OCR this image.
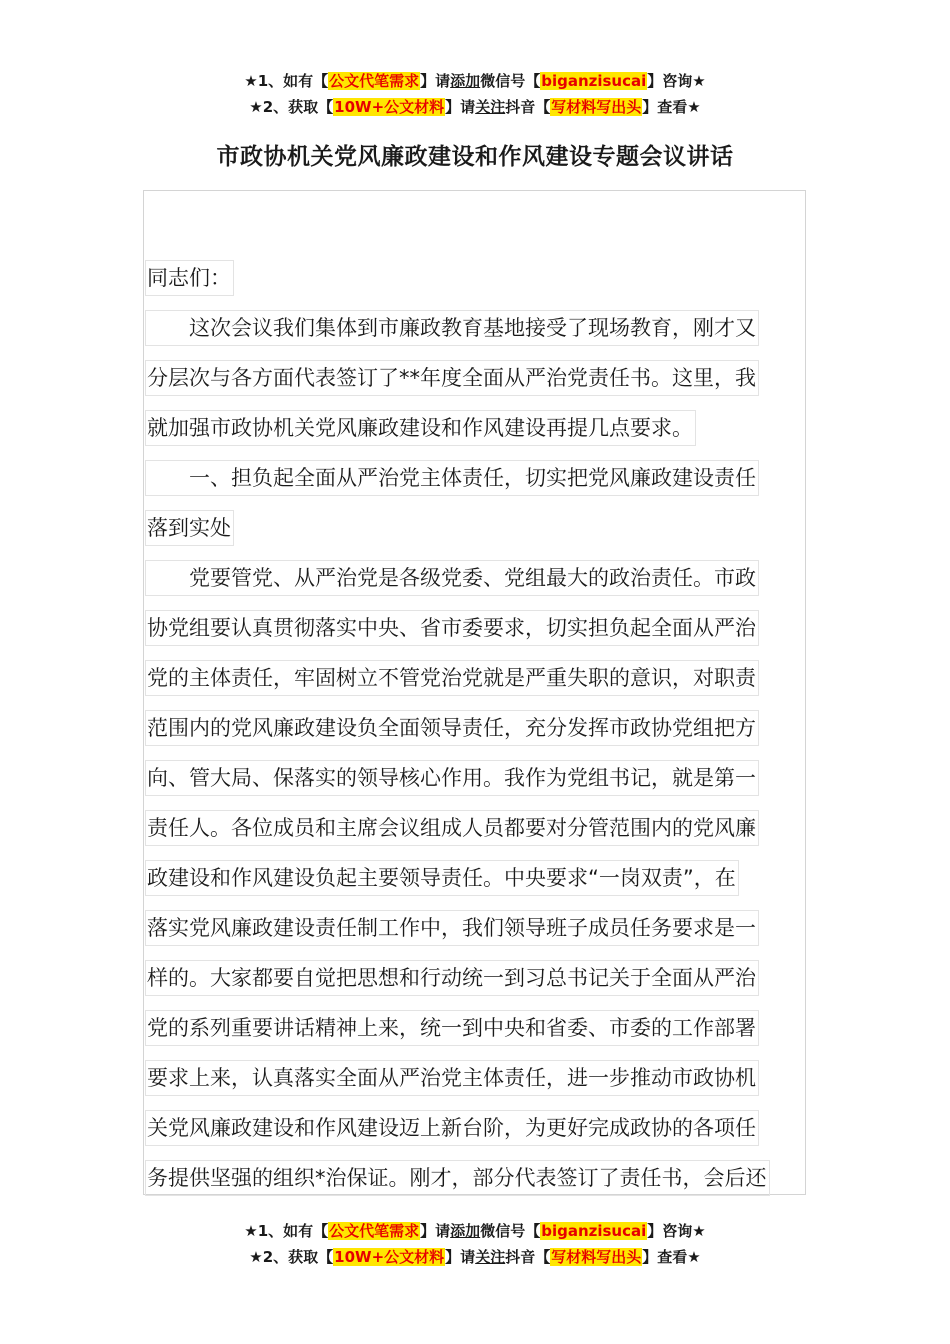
★1、如有【公文代笔需求】请添加微信号【biganzisucai】咨询★
★2、获取【10W+公文材料】请关注抖音【写材料写出头】查看★
市政协机关党风廉政建设和作风建设专题会议讲话
同志们：
　　这次会议我们集体到市廉政教育基地接受了现场教育，刚才又
分层次与各方面代表签订了**年度全面从严治党责任书。这里，我
就加强市政协机关党风廉政建设和作风建设再提几点要求。
　　一、担负起全面从严治党主体责任，切实把党风廉政建设责任
落到实处
　　党要管党、从严治党是各级党委、党组最大的政治责任。市政
协党组要认真贯彻落实中央、省市委要求，切实担负起全面从严治
党的主体责任，牢固树立不管党治党就是严重失职的意识，对职责
范围内的党风廉政建设负全面领导责任，充分发挥市政协党组把方
向、管大局、保落实的领导核心作用。我作为党组书记，就是第一
责任人。各位成员和主席会议组成人员都要对分管范围内的党风廉
政建设和作风建设负起主要领导责任。中央要求“一岗双责”，在
落实党风廉政建设责任制工作中，我们领导班子成员任务要求是一
样的。大家都要自觉把思想和行动统一到习总书记关于全面从严治
党的系列重要讲话精神上来，统一到中央和省委、市委的工作部署
要求上来，认真落实全面从严治党主体责任，进一步推动市政协机
关党风廉政建设和作风建设迈上新台阶，为更好完成政协的各项任
务提供坚强的组织*治保证。刚才，部分代表签订了责任书，会后还
★1、如有【公文代笔需求】请添加微信号【biganzisucai】咨询★
★2、获取【10W+公文材料】请关注抖音【写材料写出头】查看★
